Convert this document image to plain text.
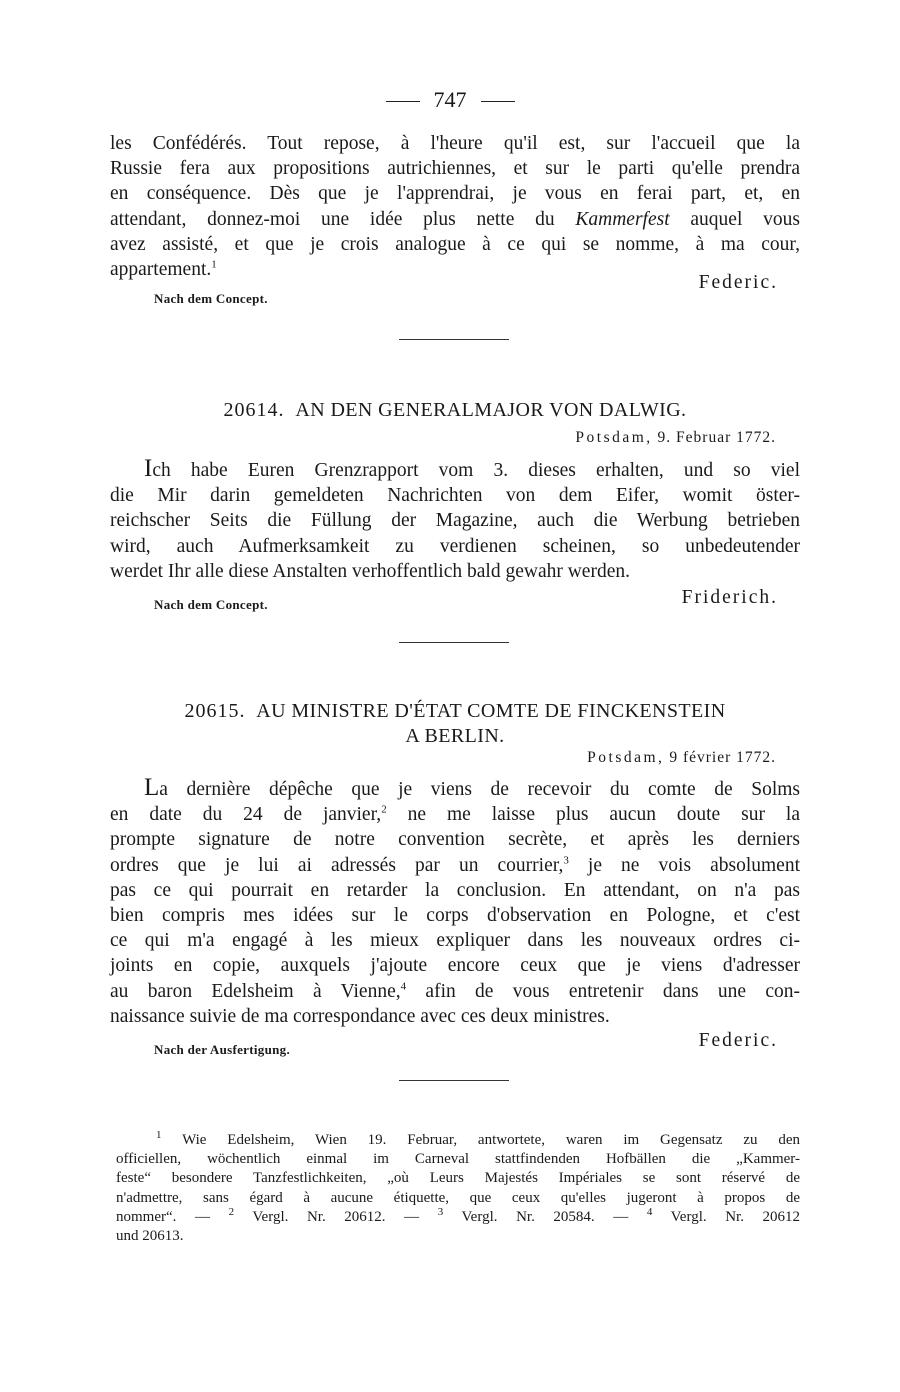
747
les Confédérés. Tout repose, à l'heure qu'il est, sur l'accueil que la
Russie fera aux propositions autrichiennes, et sur le parti qu'elle prendra
en conséquence. Dès que je l'apprendrai, je vous en ferai part, et, en
attendant, donnez-moi une idée plus nette du Kammerfest auquel vous
avez assisté, et que je crois analogue à ce qui se nomme, à ma cour,
appartement.$^1$
Federic.
Nach dem Concept.
20614. AN DEN GENERALMAJOR VON DALWIG.
Potsdam, 9. Februar 1772.
Ich habe Euren Grenzrapport vom 3. dieses erhalten, und so viel
die Mir darin gemeldeten Nachrichten von dem Eifer, womit öster-
reichscher Seits die Füllung der Magazine, auch die Werbung betrieben
wird, auch Aufmerksamkeit zu verdienen scheinen, so unbedeutender
werdet Ihr alle diese Anstalten verhoffentlich bald gewahr werden.
Friderich.
Nach dem Concept.
20615. AU MINISTRE D'ÉTAT COMTE DE FINCKENSTEIN
A BERLIN.
Potsdam, 9 février 1772.
La dernière dépêche que je viens de recevoir du comte de Solms
en date du 24 de janvier,$^2$ ne me laisse plus aucun doute sur la
prompte signature de notre convention secrète, et après les derniers
ordres que je lui ai adressés par un courrier,$^3$ je ne vois absolument
pas ce qui pourrait en retarder la conclusion. En attendant, on n'a pas
bien compris mes idées sur le corps d'observation en Pologne, et c'est
ce qui m'a engagé à les mieux expliquer dans les nouveaux ordres ci-
joints en copie, auxquels j'ajoute encore ceux que je viens d'adresser
au baron Edelsheim à Vienne,$^4$ afin de vous entretenir dans une con-
naissance suivie de ma correspondance avec ces deux ministres.
Federic.
Nach der Ausfertigung.
$^1$ Wie Edelsheim, Wien 19. Februar, antwortete, waren im Gegensatz zu den
officiellen, wöchentlich einmal im Carneval stattfindenden Hofbällen die „Kammer-
feste“ besondere Tanzfestlichkeiten, „où Leurs Majestés Impériales se sont réservé de
n'admettre, sans égard à aucune étiquette, que ceux qu'elles jugeront à propos de
nommer“. — $^2$ Vergl. Nr. 20612. — $^3$ Vergl. Nr. 20584. — $^4$ Vergl. Nr. 20612
und 20613.
